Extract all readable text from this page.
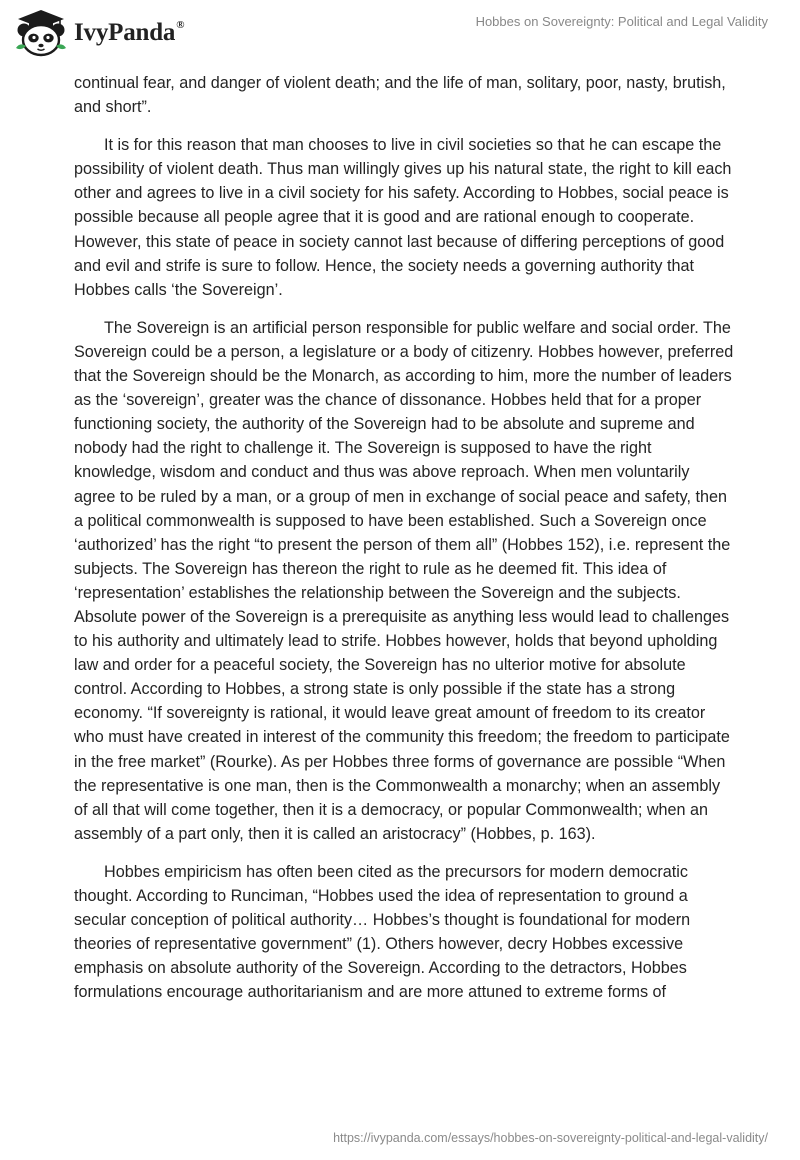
IvyPanda®	Hobbes on Sovereignty: Political and Legal Validity

continual fear, and danger of violent death; and the life of man, solitary, poor, nasty, brutish, and short”.

It is for this reason that man chooses to live in civil societies so that he can escape the possibility of violent death. Thus man willingly gives up his natural state, the right to kill each other and agrees to live in a civil society for his safety. According to Hobbes, social peace is possible because all people agree that it is good and are rational enough to cooperate. However, this state of peace in society cannot last because of differing perceptions of good and evil and strife is sure to follow. Hence, the society needs a governing authority that Hobbes calls ‘the Sovereign’.

The Sovereign is an artificial person responsible for public welfare and social order. The Sovereign could be a person, a legislature or a body of citizenry. Hobbes however, preferred that the Sovereign should be the Monarch, as according to him, more the number of leaders as the ‘sovereign’, greater was the chance of dissonance. Hobbes held that for a proper functioning society, the authority of the Sovereign had to be absolute and supreme and nobody had the right to challenge it. The Sovereign is supposed to have the right knowledge, wisdom and conduct and thus was above reproach. When men voluntarily agree to be ruled by a man, or a group of men in exchange of social peace and safety, then a political commonwealth is supposed to have been established. Such a Sovereign once ‘authorized’ has the right “to present the person of them all” (Hobbes 152), i.e. represent the subjects. The Sovereign has thereon the right to rule as he deemed fit. This idea of ‘representation’ establishes the relationship between the Sovereign and the subjects. Absolute power of the Sovereign is a prerequisite as anything less would lead to challenges to his authority and ultimately lead to strife. Hobbes however, holds that beyond upholding law and order for a peaceful society, the Sovereign has no ulterior motive for absolute control. According to Hobbes, a strong state is only possible if the state has a strong economy. “If sovereignty is rational, it would leave great amount of freedom to its creator who must have created in interest of the community this freedom; the freedom to participate in the free market” (Rourke). As per Hobbes three forms of governance are possible “When the representative is one man, then is the Commonwealth a monarchy; when an assembly of all that will come together, then it is a democracy, or popular Commonwealth; when an assembly of a part only, then it is called an aristocracy” (Hobbes, p. 163).

Hobbes empiricism has often been cited as the precursors for modern democratic thought. According to Runciman, “Hobbes used the idea of representation to ground a secular conception of political authority… Hobbes’s thought is foundational for modern theories of representative government” (1). Others however, decry Hobbes excessive emphasis on absolute authority of the Sovereign. According to the detractors, Hobbes formulations encourage authoritarianism and are more attuned to extreme forms of

https://ivypanda.com/essays/hobbes-on-sovereignty-political-and-legal-validity/
